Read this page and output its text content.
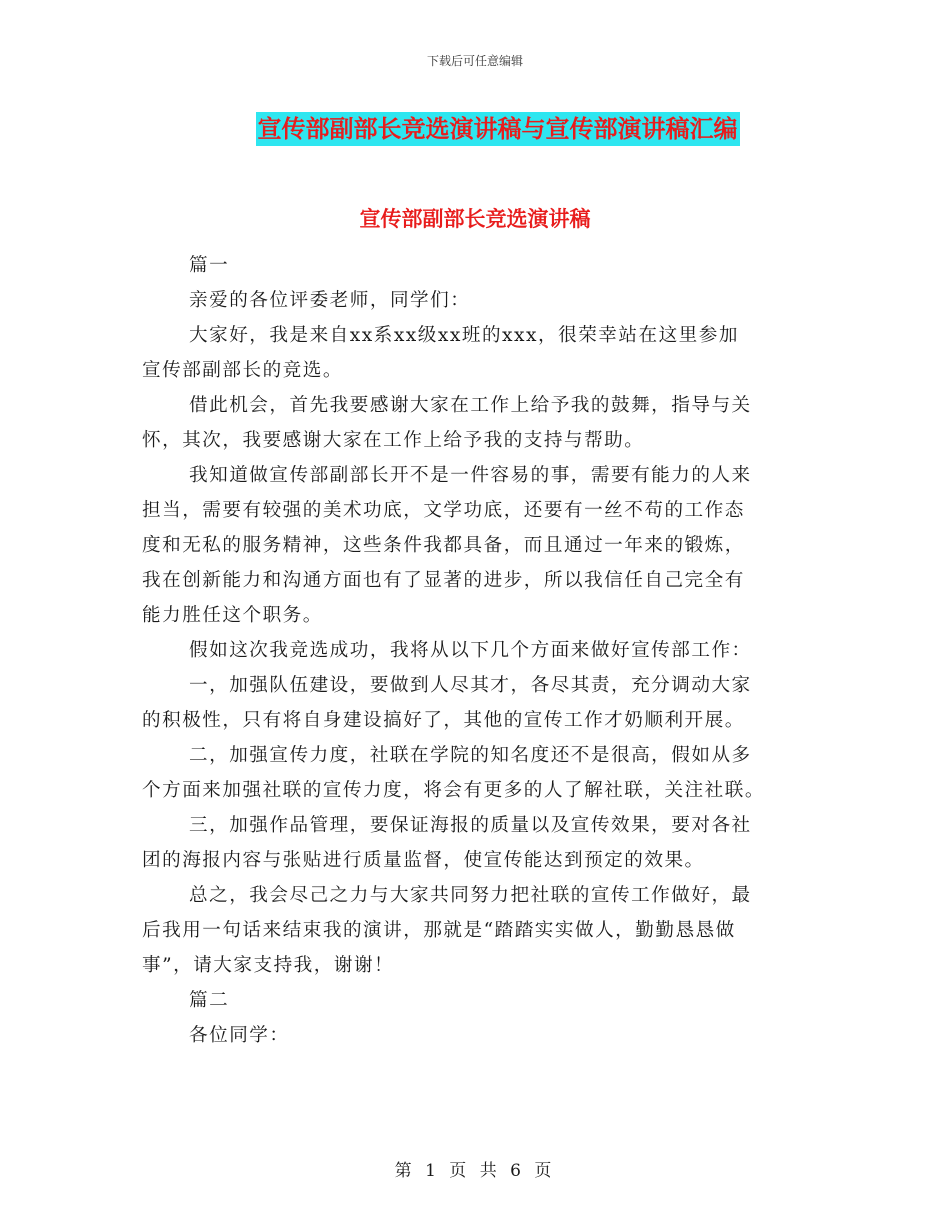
下载后可任意编辑
宣传部副部长竞选演讲稿与宣传部演讲稿汇编
宣传部副部长竞选演讲稿

篇一

亲爱的各位评委老师，同学们：

大家好，我是来自xx系xx级xx班的xxx，很荣幸站在这里参加

宣传部副部长的竞选。

借此机会，首先我要感谢大家在工作上给予我的鼓舞，指导与关

怀，其次，我要感谢大家在工作上给予我的支持与帮助。

我知道做宣传部副部长开不是一件容易的事，需要有能力的人来

担当，需要有较强的美术功底，文学功底，还要有一丝不苟的工作态

度和无私的服务精神，这些条件我都具备，而且通过一年来的锻炼，

我在创新能力和沟通方面也有了显著的进步，所以我信任自己完全有

能力胜任这个职务。

假如这次我竞选成功，我将从以下几个方面来做好宣传部工作：

一，加强队伍建设，要做到人尽其才，各尽其责，充分调动大家

的积极性，只有将自身建设搞好了，其他的宣传工作才奶顺利开展。

二，加强宣传力度，社联在学院的知名度还不是很高，假如从多

个方面来加强社联的宣传力度，将会有更多的人了解社联，关注社联。

三，加强作品管理，要保证海报的质量以及宣传效果，要对各社

团的海报内容与张贴进行质量监督，使宣传能达到预定的效果。

总之，我会尽己之力与大家共同努力把社联的宣传工作做好，最

后我用一句话来结束我的演讲，那就是“踏踏实实做人，勤勤恳恳做

事”，请大家支持我，谢谢！

篇二

各位同学：

第 1 页 共 6 页
